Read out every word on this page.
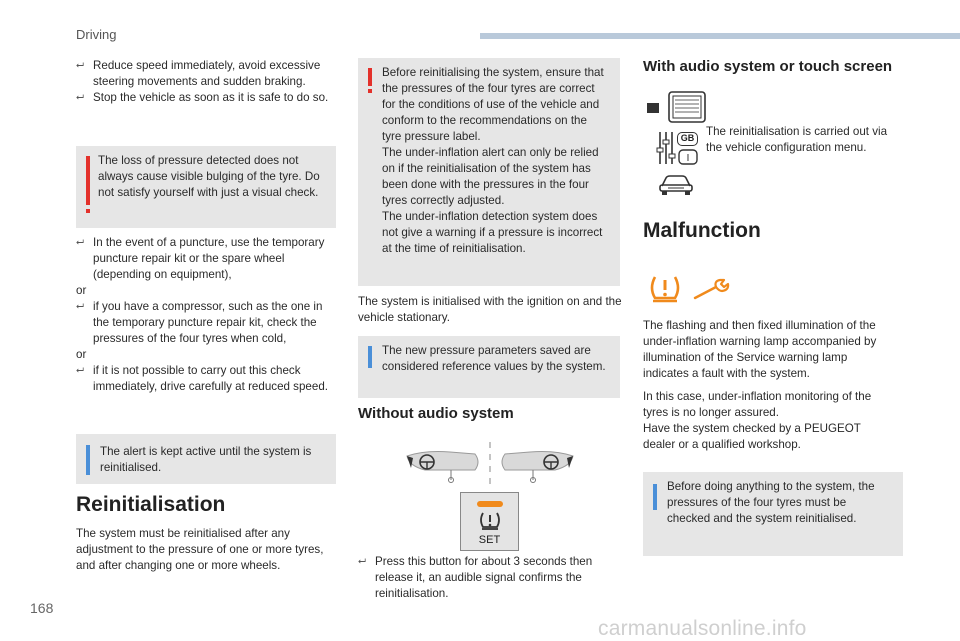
Driving
⮠ Reduce speed immediately, avoid excessive steering movements and sudden braking.
⮠ Stop the vehicle as soon as it is safe to do so.
The loss of pressure detected does not always cause visible bulging of the tyre. Do not satisfy yourself with just a visual check.
⮠ In the event of a puncture, use the temporary puncture repair kit or the spare wheel (depending on equipment),
or
⮠ if you have a compressor, such as the one in the temporary puncture repair kit, check the pressures of the four tyres when cold,
or
⮠ if it is not possible to carry out this check immediately, drive carefully at reduced speed.
The alert is kept active until the system is reinitialised.
Reinitialisation
The system must be reinitialised after any adjustment to the pressure of one or more tyres, and after changing one or more wheels.
Before reinitialising the system, ensure that the pressures of the four tyres are correct for the conditions of use of the vehicle and conform to the recommendations on the tyre pressure label.
The under-inflation alert can only be relied on if the reinitialisation of the system has been done with the pressures in the four tyres correctly adjusted.
The under-inflation detection system does not give a warning if a pressure is incorrect at the time of reinitialisation.
The system is initialised with the ignition on and the vehicle stationary.
The new pressure parameters saved are considered reference values by the system.
Without audio system
SET
⮠ Press this button for about 3 seconds then release it, an audible signal confirms the reinitialisation.
With audio system or touch screen
I
GB	The reinitialisation is carried out via the vehicle configuration menu.
Malfunction
The flashing and then fixed illumination of the under-inflation warning lamp accompanied by illumination of the Service warning lamp indicates a fault with the system.
In this case, under-inflation monitoring of the tyres is no longer assured.
Have the system checked by a PEUGEOT dealer or a qualified workshop.
Before doing anything to the system, the pressures of the four tyres must be checked and the system reinitialised.
168
carmanualsonline.info
